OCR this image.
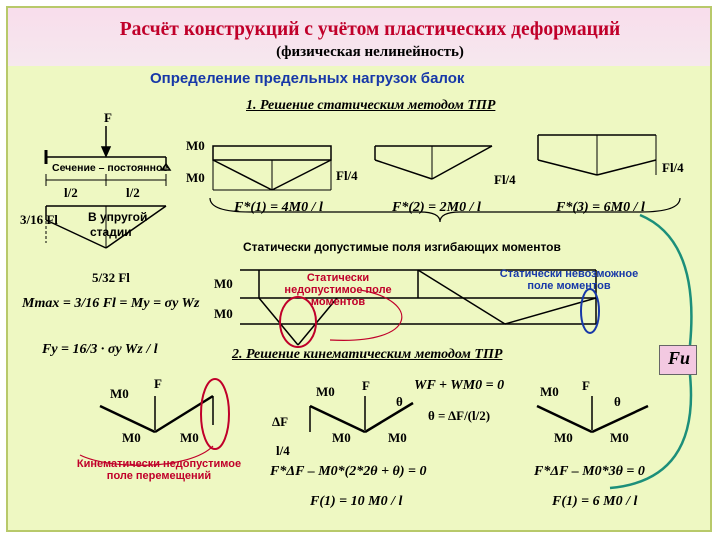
Расчёт конструкций с учётом пластических деформаций
(физическая нелинейность)
Определение предельных нагрузок балок
1. Решение статическим методом ТПР
2. Решение кинематическим методом ТПР
F
Сечение – постоянное
l/2	l/2
3/16 Fl	В упругой
стадии
5/32 Fl
Mmax = 3/16 Fl = My = σy Wz
Fy = 16/3 · σy Wz / l
M0
M0	Fl/4	Fl/4
Fl/4
F*(1) = 4M0 / l	F*(2) = 2M0 / l	F*(3) = 6M0 / l
Статически допустимые поля изгибающих моментов
M0
M0
Статически недопустимое поле моментов
Статически невозможное поле моментов
Fu
M0
F
M0	M0
Кинематически недопустимое поле перемещений
M0 F
θ
ΔF
l/4
M0	M0
WF + WM0 = 0
θ = ΔF/(l/2)
F*ΔF – M0*(2*2θ + θ) = 0
F(1) = 10 M0 / l
M0 F
θ
M0	M0
F*ΔF – M0*3θ = 0
F(1) = 6 M0 / l
